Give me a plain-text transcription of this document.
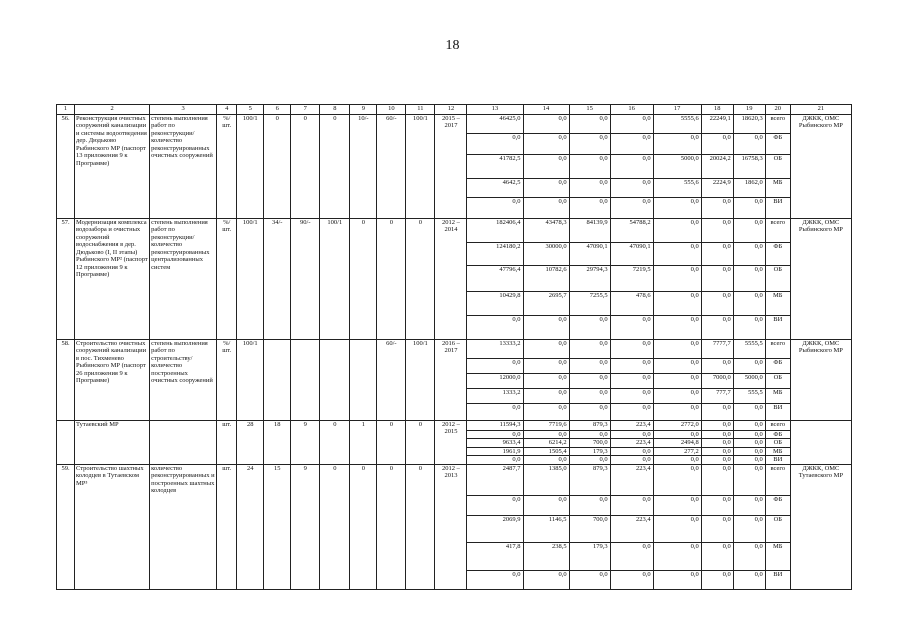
18
1	2	3	4	5	6	7	8	9	10	11	12	13	14	15	16	17	18	19	20	21
56.	Реконструкция очистных сооружений канализации и системы водоотведения дер. Дюдьково Рыбинского МР (паспорт 13 приложения 9 к Программе)	степень выполнения работ по реконструкции/ количество реконструированных очистных сооружений	%/ шт.	100/1	0	0	0	10/-	60/-	100/1	2015 – 2017	46425,0	0,0	0,0	0,0	5555,6	22249,1	18620,3	всего	ДЖКК, ОМС Рыбинского МР
												0,0	0,0	0,0	0,0	0,0	0,0	0,0	ФБ	
												41782,5	0,0	0,0	0,0	5000,0	20024,2	16758,3	ОБ	
												4642,5	0,0	0,0	0,0	555,6	2224,9	1862,0	МБ	
												0,0	0,0	0,0	0,0	0,0	0,0	0,0	ВИ	
57.	Модернизация комплекса водозабора и очистных сооружений водоснабжения в дер. Дюдьково (I, II этапы) Рыбинского МР² (паспорт 12 приложения 9 к Программе)	степень выполнения работ по реконструкции/ количество реконструированных централизованных систем	%/ шт.	100/1	34/-	90/-	100/1	0	0	0	2012 – 2014	182406,4	43478,3	84139,9	54788,2	0,0	0,0	0,0	всего	ДЖКК, ОМС Рыбинского МР
												124180,2	30000,0	47090,1	47090,1	0,0	0,0	0,0	ФБ	
												47796,4	10782,6	29794,3	7219,5	0,0	0,0	0,0	ОБ	
												10429,8	2695,7	7255,5	478,6	0,0	0,0	0,0	МБ	
												0,0	0,0	0,0	0,0	0,0	0,0	0,0	ВИ	
58.	Строительство очистных сооружений канализации в пос. Тихменево Рыбинского МР (паспорт 26 приложения 9 к Программе)	степень выполнения работ по строительству/ количество построенных очистных сооружений	%/ шт.	100/1					60/-	100/1	2016 – 2017	13333,2	0,0	0,0	0,0	0,0	7777,7	5555,5	всего	ДЖКК, ОМС Рыбинского МР
												0,0	0,0	0,0	0,0	0,0	0,0	0,0	ФБ	
												12000,0	0,0	0,0	0,0	0,0	7000,0	5000,0	ОБ	
												1333,2	0,0	0,0	0,0	0,0	777,7	555,5	МБ	
												0,0	0,0	0,0	0,0	0,0	0,0	0,0	ВИ	
	Тутаевский МР		шт.	28	18	9	0	1	0	0	2012 – 2015	11594,3	7719,6	879,3	223,4	2772,0	0,0	0,0	всего	
												0,0	0,0	0,0	0,0	0,0	0,0	0,0	ФБ	
												9633,4	6214,2	700,0	223,4	2494,8	0,0	0,0	ОБ	
												1961,9	1505,4	179,3	0,0	277,2	0,0	0,0	МБ	
												0,0	0,0	0,0	0,0	0,0	0,0	0,0	ВИ	
59.	Строительство шахтных колодцев в Тутаевском МР³	количество реконструированных и построенных шахтных колодцев	шт.	24	15	9	0	0	0	0	2012 – 2013	2487,7	1385,0	879,3	223,4	0,0	0,0	0,0	всего	ДЖКК, ОМС Тутаевского МР
												0,0	0,0	0,0	0,0	0,0	0,0	0,0	ФБ	
												2069,9	1146,5	700,0	223,4	0,0	0,0	0,0	ОБ	
												417,8	238,5	179,3	0,0	0,0	0,0	0,0	МБ	
												0,0	0,0	0,0	0,0	0,0	0,0	0,0	ВИ	
